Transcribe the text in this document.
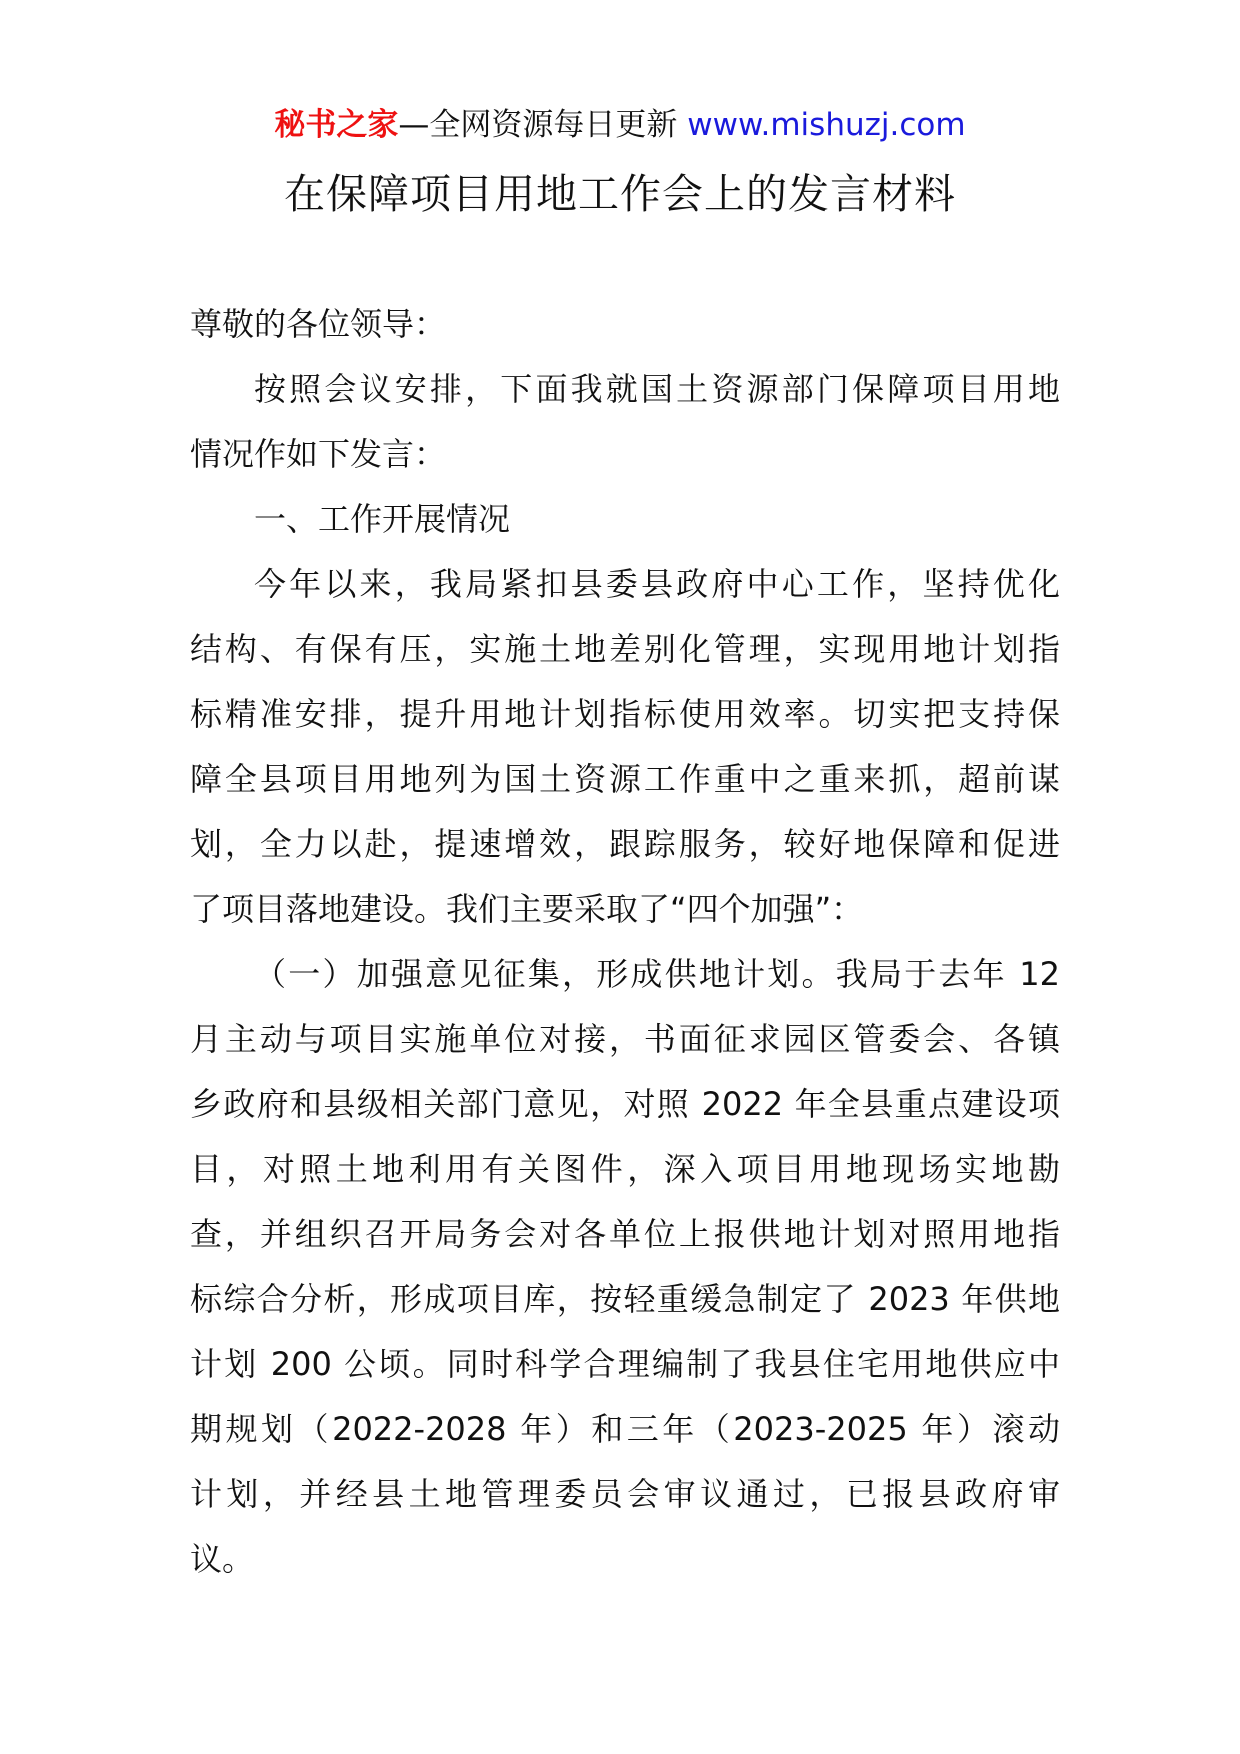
秘书之家—全网资源每日更新 www.mishuzj.com
在保障项目用地工作会上的发言材料
尊敬的各位领导：
按照会议安排，下面我就国土资源部门保障项目用地
情况作如下发言：
一、工作开展情况
今年以来，我局紧扣县委县政府中心工作，坚持优化
结构、有保有压，实施土地差别化管理，实现用地计划指
标精准安排，提升用地计划指标使用效率。切实把支持保
障全县项目用地列为国土资源工作重中之重来抓，超前谋
划，全力以赴，提速增效，跟踪服务，较好地保障和促进
了项目落地建设。我们主要采取了“四个加强”：
（一）加强意见征集，形成供地计划。我局于去年 12
月主动与项目实施单位对接，书面征求园区管委会、各镇
乡政府和县级相关部门意见，对照 2022 年全县重点建设项
目，对照土地利用有关图件，深入项目用地现场实地勘
查，并组织召开局务会对各单位上报供地计划对照用地指
标综合分析，形成项目库，按轻重缓急制定了 2023 年供地
计划 200 公顷。同时科学合理编制了我县住宅用地供应中
期规划（2022-2028 年）和三年（2023-2025 年）滚动
计划，并经县土地管理委员会审议通过，已报县政府审
议。
